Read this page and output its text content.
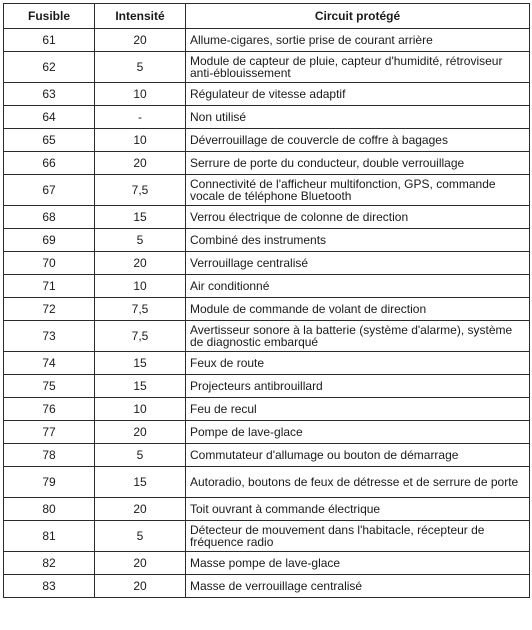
Fusible	Intensité	Circuit protégé
61	20	Allume-cigares, sortie prise de courant arrière
62	5	Module de capteur de pluie, capteur d'humidité, rétroviseur anti-éblouissement
63	10	Régulateur de vitesse adaptif
64	-	Non utilisé
65	10	Déverrouillage de couvercle de coffre à bagages
66	20	Serrure de porte du conducteur, double verrouillage
67	7,5	Connectivité de l'afficheur multifonction, GPS, commande vocale de téléphone Bluetooth
68	15	Verrou électrique de colonne de direction
69	5	Combiné des instruments
70	20	Verrouillage centralisé
71	10	Air conditionné
72	7,5	Module de commande de volant de direction
73	7,5	Avertisseur sonore à la batterie (système d'alarme), système de diagnostic embarqué
74	15	Feux de route
75	15	Projecteurs antibrouillard
76	10	Feu de recul
77	20	Pompe de lave-glace
78	5	Commutateur d'allumage ou bouton de démarrage
79	15	Autoradio, boutons de feux de détresse et de serrure de porte
80	20	Toit ouvrant à commande électrique
81	5	Détecteur de mouvement dans l'habitacle, récepteur de fréquence radio
82	20	Masse pompe de lave-glace
83	20	Masse de verrouillage centralisé
